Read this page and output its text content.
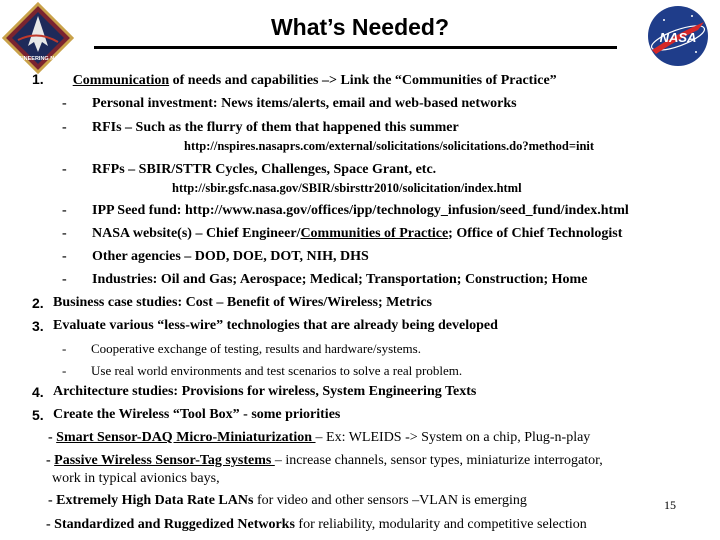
ENGINEERING NASA
NASA
What’s Needed?
1. Communication of needs and capabilities –> Link the “Communities of Practice”
- Personal investment: News items/alerts, email and web-based networks
- RFIs – Such as the flurry of them that happened this summer
http://nspires.nasaprs.com/external/solicitations/solicitations.do?method=init
- RFPs – SBIR/STTR Cycles, Challenges, Space Grant, etc.
http://sbir.gsfc.nasa.gov/SBIR/sbirsttr2010/solicitation/index.html
- IPP Seed fund: http://www.nasa.gov/offices/ipp/technology_infusion/seed_fund/index.html
- NASA website(s) – Chief Engineer/Communities of Practice; Office of Chief Technologist
- Other agencies – DOD, DOE, DOT, NIH, DHS
- Industries: Oil and Gas; Aerospace; Medical; Transportation; Construction; Home
2. Business case studies: Cost – Benefit of Wires/Wireless; Metrics
3. Evaluate various “less-wire” technologies that are already being developed
- Cooperative exchange of testing, results and hardware/systems.
- Use real world environments and test scenarios to solve a real problem.
4. Architecture studies: Provisions for wireless, System Engineering Texts
5. Create the Wireless “Tool Box” - some priorities
- Smart Sensor-DAQ Micro-Miniaturization – Ex: WLEIDS -> System on a chip, Plug-n-play
- Passive Wireless Sensor-Tag systems – increase channels, sensor types, miniaturize interrogator,
work in typical avionics bays,
- Extremely High Data Rate LANs for video and other sensors –VLAN is emerging	15
- Standardized and Ruggedized Networks for reliability, modularity and competitive selection
